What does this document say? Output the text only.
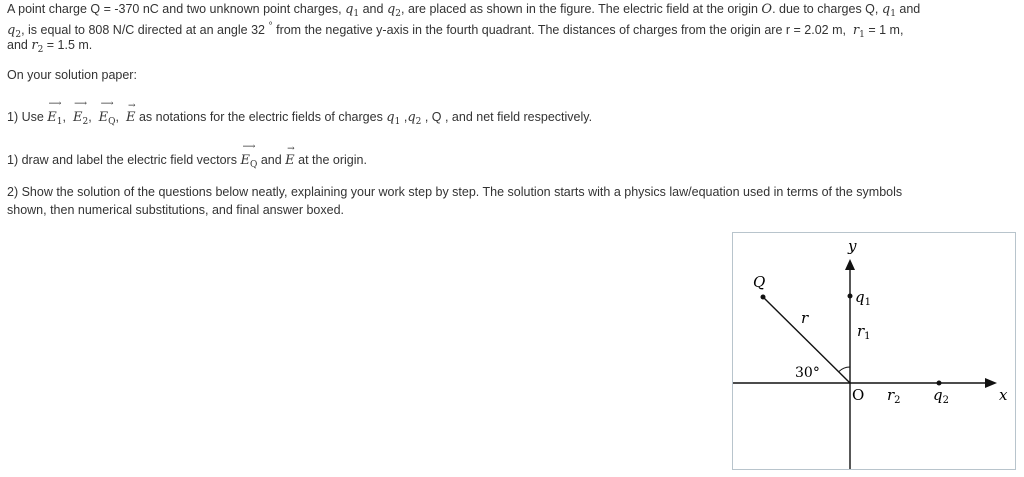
A point charge Q = -370 nC and two unknown point charges, $q_1$ and $q_2$, are placed as shown in the figure. The electric field at the origin O. due to charges Q, $q_1$ and
$q_2$, is equal to 808 N/C directed at an angle 32 ° from the negative y-axis in the fourth quadrant. The distances of charges from the origin are r = 2.02 m, $r_1 = 1$ m,
and $r_2 = 1.5$ m.
On your solution paper:
1) Use
⟶
$E_1$,
⟶
$E_2$,
⟶
$E_Q$,
→
E as notations for the electric fields of charges $q_1$ $,q_2$ , Q , and net field respectively.
1) draw and label the electric field vectors
⟶
$E_Q$ and
→
E at the origin.
2) Show the solution of the questions below neatly, explaining your work step by step. The solution starts with a physics law/equation used in terms of the symbols
shown, then numerical substitutions, and final answer boxed.
y
x
Q
r
30°
O
$q_1$
$r_1$
$r_2$ $q_2$
